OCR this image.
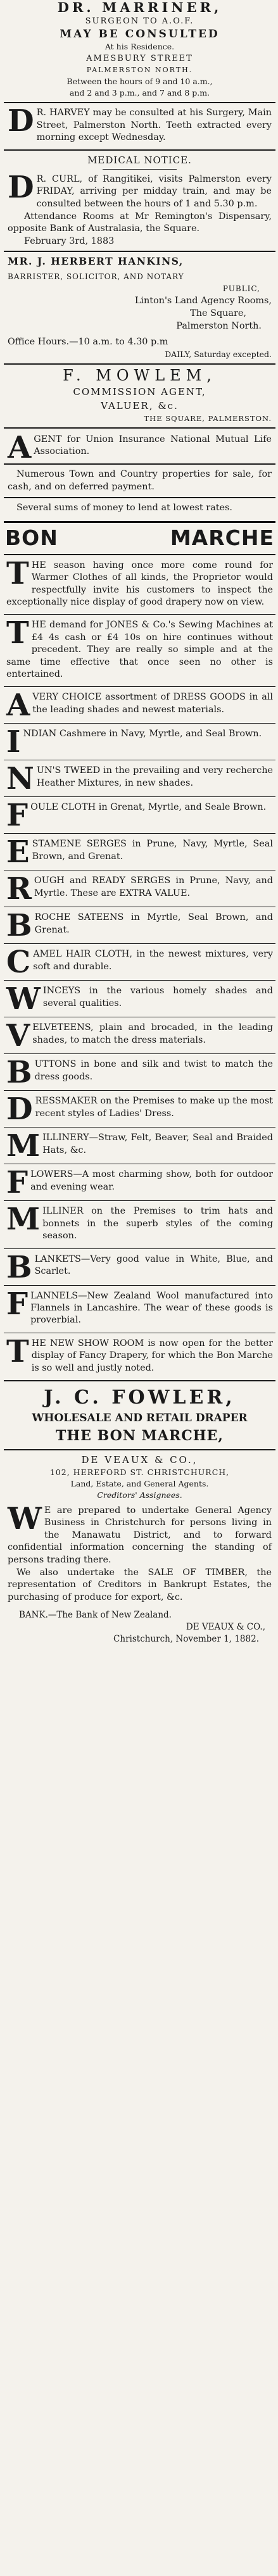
DR. MARRINER,
SURGEON TO A.O.F.
MAY BE CONSULTED
At his Residence.
AMESBURY STREET
PALMERSTON NORTH.
Between the hours of 9 and 10 a.m.,
and 2 and 3 p.m., and 7 and 8 p.m.
D R. HARVEY may be consulted at his Surgery, Main Street, Palmerston North. Teeth extracted every morning except Wednesday.

MEDICAL NOTICE.
D R. CURL, of Rangitikei, visits Palmerston every FRIDAY, arriving per midday train, and may be consulted between the hours of 1 and 5.30 p.m.

Attendance Rooms at Mr Remington's Dispensary, opposite Bank of Australasia, the Square.

February 3rd, 1883

MR. J. HERBERT HANKINS,
BARRISTER, SOLICITOR, AND NOTARY
PUBLIC,
Linton's Land Agency Rooms,
The Square,
Palmerston North.
Office Hours.—10 a.m. to 4.30 p.m
DAILY, Saturday excepted.
F. MOWLEM,
COMMISSION AGENT,
VALUER, &c.
THE SQUARE, PALMERSTON.
A GENT for Union Insurance National Mutual Life Association.

Numerous Town and Country properties for sale, for cash, and on deferred payment.

Several sums of money to lend at lowest rates.

BON	MARCHE
T HE season having once more come round for Warmer Clothes of all kinds, the Proprietor would respectfully invite his customers to inspect the exceptionally nice display of good drapery now on view.

T HE demand for JONES & Co.'s Sewing Machines at £4 4s cash or £4 10s on hire continues without precedent. They are really so simple and at the same time effective that once seen no other is entertained.

A VERY CHOICE assortment of DRESS GOODS in all the leading shades and newest materials.

I NDIAN Cashmere in Navy, Myrtle, and Seal Brown.

N UN'S TWEED in the prevailing and very recherche Heather Mixtures, in new shades.

F OULE CLOTH in Grenat, Myrtle, and Seale Brown.

E STAMENE SERGES in Prune, Navy, Myrtle, Seal Brown, and Grenat.

R OUGH and READY SERGES in Prune, Navy, and Myrtle. These are EXTRA VALUE.

B ROCHE SATEENS in Myrtle, Seal Brown, and Grenat.

C AMEL HAIR CLOTH, in the newest mixtures, very soft and durable.

W INCEYS in the various homely shades and several qualities.

V ELVETEENS, plain and brocaded, in the leading shades, to match the dress materials.

B UTTONS in bone and silk and twist to match the dress goods.

D RESSMAKER on the Premises to make up the most recent styles of Ladies' Dress.

M ILLINERY—Straw, Felt, Beaver, Seal and Braided Hats, &c.

F LOWERS—A most charming show, both for outdoor and evening wear.

M ILLINER on the Premises to trim hats and bonnets in the superb styles of the coming season.

B LANKETS—Very good value in White, Blue, and Scarlet.

F LANNELS—New Zealand Wool manufactured into Flannels in Lancashire. The wear of these goods is proverbial.

T HE NEW SHOW ROOM is now open for the better display of Fancy Drapery, for which the Bon Marche is so well and justly noted.

J. C. FOWLER,
WHOLESALE AND RETAIL DRAPER
THE BON MARCHE,
DE VEAUX & CO.,
102, HEREFORD ST. CHRISTCHURCH,
Land, Estate, and General Agents.
Creditors' Assignees.
W E are prepared to undertake General Agency Business in Christchurch for persons living in the Manawatu District, and to forward confidential information concerning the standing of persons trading there.

We also undertake the SALE OF TIMBER, the representation of Creditors in Bankrupt Estates, the purchasing of produce for export, &c.

BANK.—The Bank of New Zealand.
DE VEAUX & CO.,
Christchurch, November 1, 1882.
